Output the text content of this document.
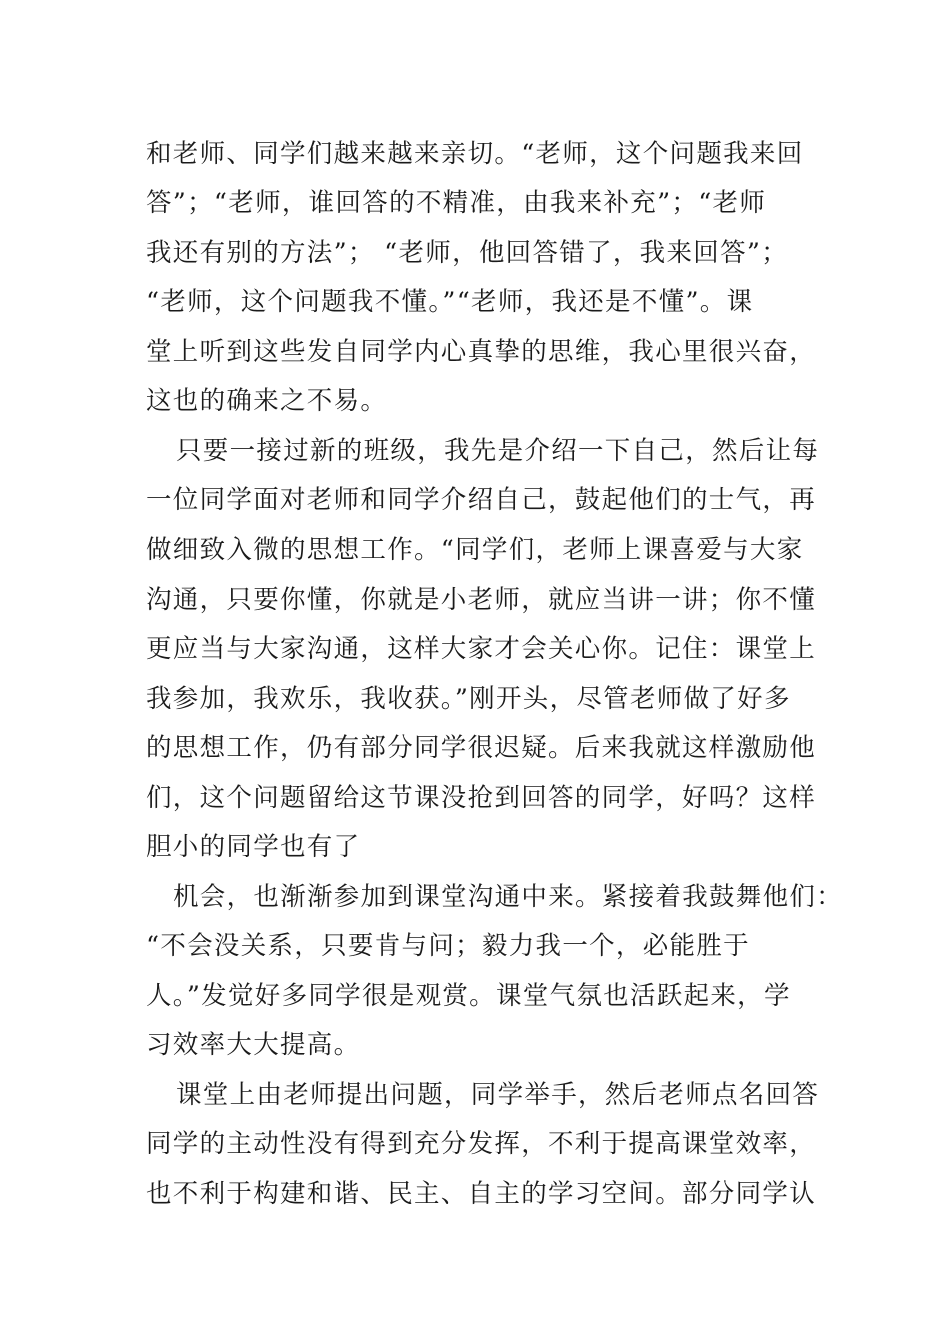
和老师、同学们越来越来亲切。“老师，这个问题我来回
答”；“老师，谁回答的不精准，由我来补充”；“老师
我还有别的方法”； “老师，他回答错了，我来回答”；
“老师，这个问题我不懂。”“老师，我还是不懂”。课
堂上听到这些发自同学内心真挚的思维，我心里很兴奋，
这也的确来之不易。
只要一接过新的班级，我先是介绍一下自己，然后让每
一位同学面对老师和同学介绍自己，鼓起他们的士气，再
做细致入微的思想工作。“同学们，老师上课喜爱与大家
沟通，只要你懂，你就是小老师，就应当讲一讲；你不懂
更应当与大家沟通，这样大家才会关心你。记住：课堂上
我参加，我欢乐，我收获。”刚开头，尽管老师做了好多
的思想工作，仍有部分同学很迟疑。后来我就这样激励他
们，这个问题留给这节课没抢到回答的同学，好吗？这样
胆小的同学也有了
机会，也渐渐参加到课堂沟通中来。紧接着我鼓舞他们：
“不会没关系，只要肯与问；毅力我一个，必能胜于
人。”发觉好多同学很是观赏。课堂气氛也活跃起来，学
习效率大大提高。
课堂上由老师提出问题，同学举手，然后老师点名回答
同学的主动性没有得到充分发挥，不利于提高课堂效率，
也不利于构建和谐、民主、自主的学习空间。部分同学认
